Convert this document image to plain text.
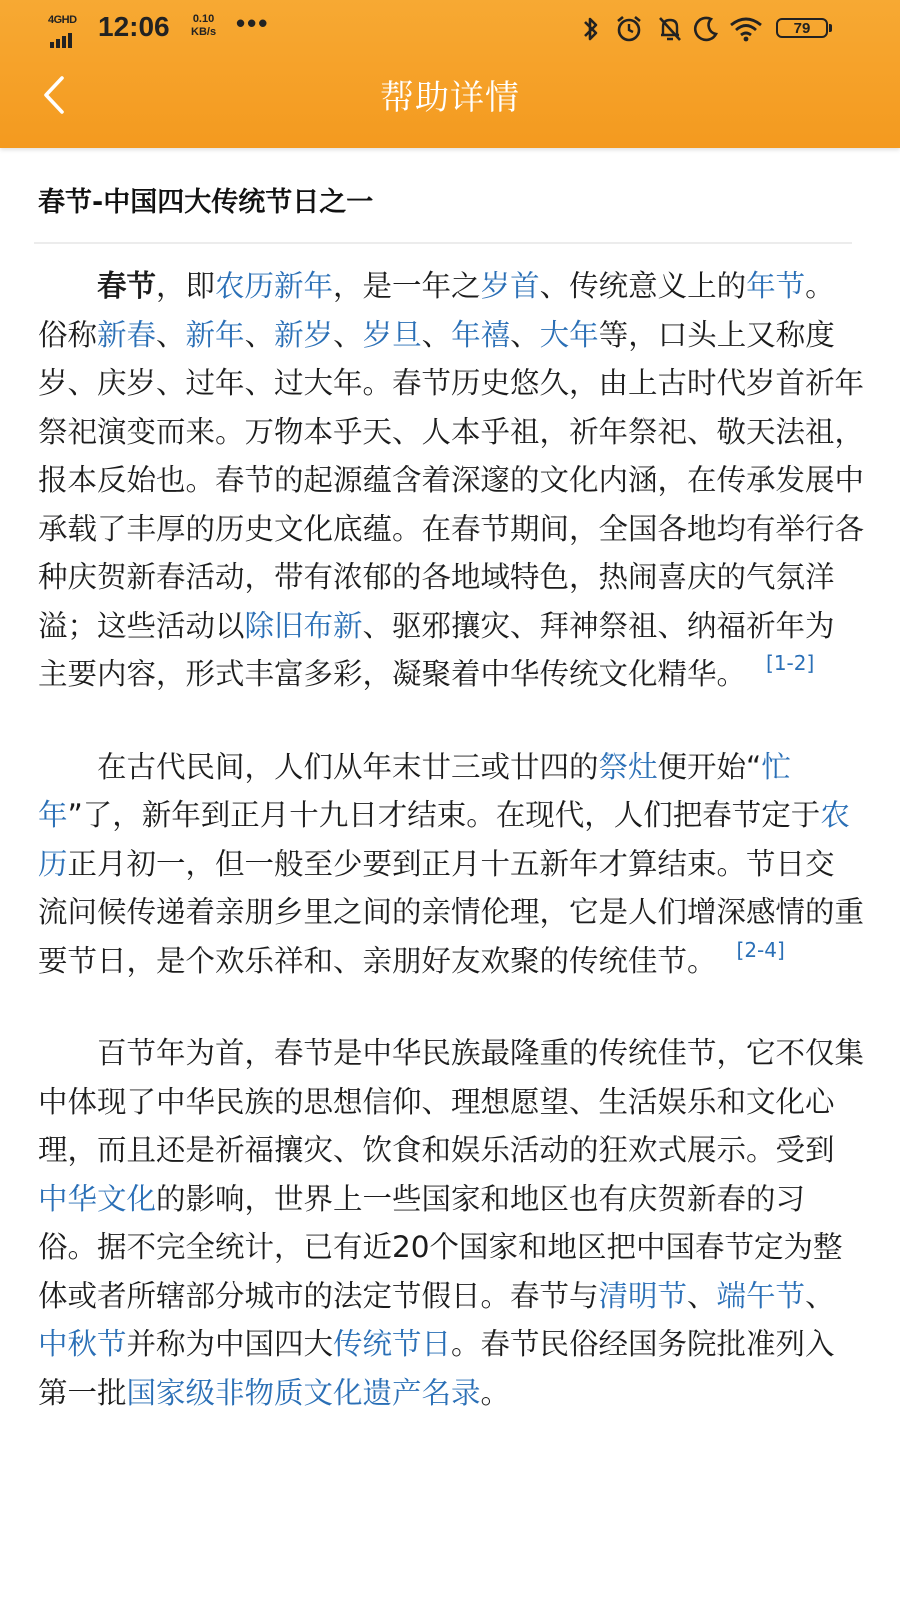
4GHD 12:06 0.10
KB/s •••	79
帮助详情
春节-中国四大传统节日之一

春节，即农历新年，是一年之岁首、传统意义上的年节。俗称新春、新年、新岁、岁旦、年禧、大年等，口头上又称度岁、庆岁、过年、过大年。春节历史悠久，由上古时代岁首祈年祭祀演变而来。万物本乎天、人本乎祖，祈年祭祀、敬天法祖，报本反始也。春节的起源蕴含着深邃的文化内涵，在传承发展中承载了丰厚的历史文化底蕴。在春节期间，全国各地均有举行各种庆贺新春活动，带有浓郁的各地域特色，热闹喜庆的气氛洋溢；这些活动以除旧布新、驱邪攘灾、拜神祭祖、纳福祈年为主要内容，形式丰富多彩，凝聚着中华传统文化精华。 [1-2]

在古代民间，人们从年末廿三或廿四的祭灶便开始“忙年”了，新年到正月十九日才结束。在现代，人们把春节定于农历正月初一，但一般至少要到正月十五新年才算结束。节日交流问候传递着亲朋乡里之间的亲情伦理，它是人们增深感情的重要节日，是个欢乐祥和、亲朋好友欢聚的传统佳节。 [2-4]

百节年为首，春节是中华民族最隆重的传统佳节，它不仅集中体现了中华民族的思想信仰、理想愿望、生活娱乐和文化心理，而且还是祈福攘灾、饮食和娱乐活动的狂欢式展示。受到中华文化的影响，世界上一些国家和地区也有庆贺新春的习俗。据不完全统计，已有近20个国家和地区把中国春节定为整体或者所辖部分城市的法定节假日。春节与清明节、端午节、中秋节并称为中国四大传统节日。春节民俗经国务院批准列入第一批国家级非物质文化遗产名录。
